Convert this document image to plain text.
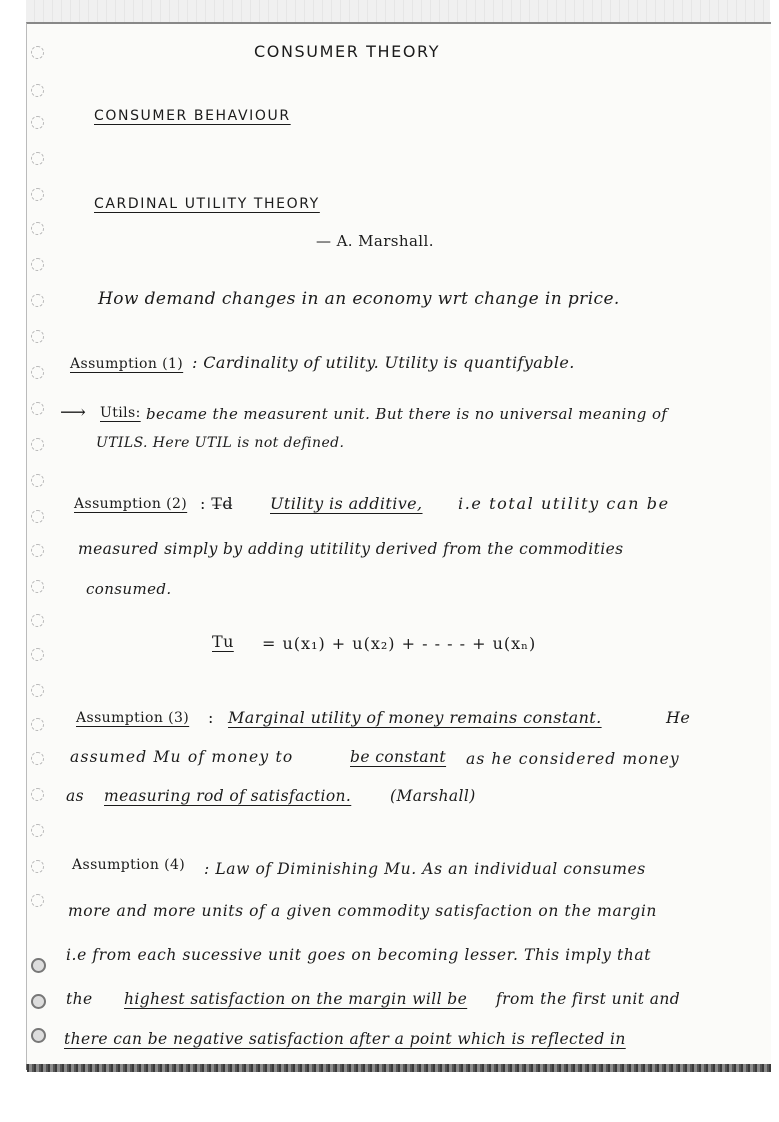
CONSUMER THEORY
CONSUMER BEHAVIOUR
CARDINAL UTILITY THEORY
— A. Marshall.
How demand changes in an economy wrt change in price.
Assumption (1) : Cardinality of utility. Utility is quantifyable.
⟶ Utils: became the measurent unit. But there is no universal meaning of
UTILS. Here UTIL is not defined.
Assumption (2) : T̶d̶ Utility is additive, i.e total utility can be
measured simply by adding utitility derived from the commodities
consumed.
Tu = u(x₁) + u(x₂) + - - - - + u(xₙ)
Assumption (3) : Marginal utility of money remains constant.	He
assumed Mu of money to	be constant as he considered money
as measuring rod of satisfaction. (Marshall)
Assumption (4) : Law of Diminishing Mu. As an individual consumes
more and more units of a given commodity satisfaction on the margin
i.e from each sucessive unit goes on becoming lesser. This imply that
the highest satisfaction on the margin will be from the first unit and
there can be negative satisfaction after a point which is reflected in
